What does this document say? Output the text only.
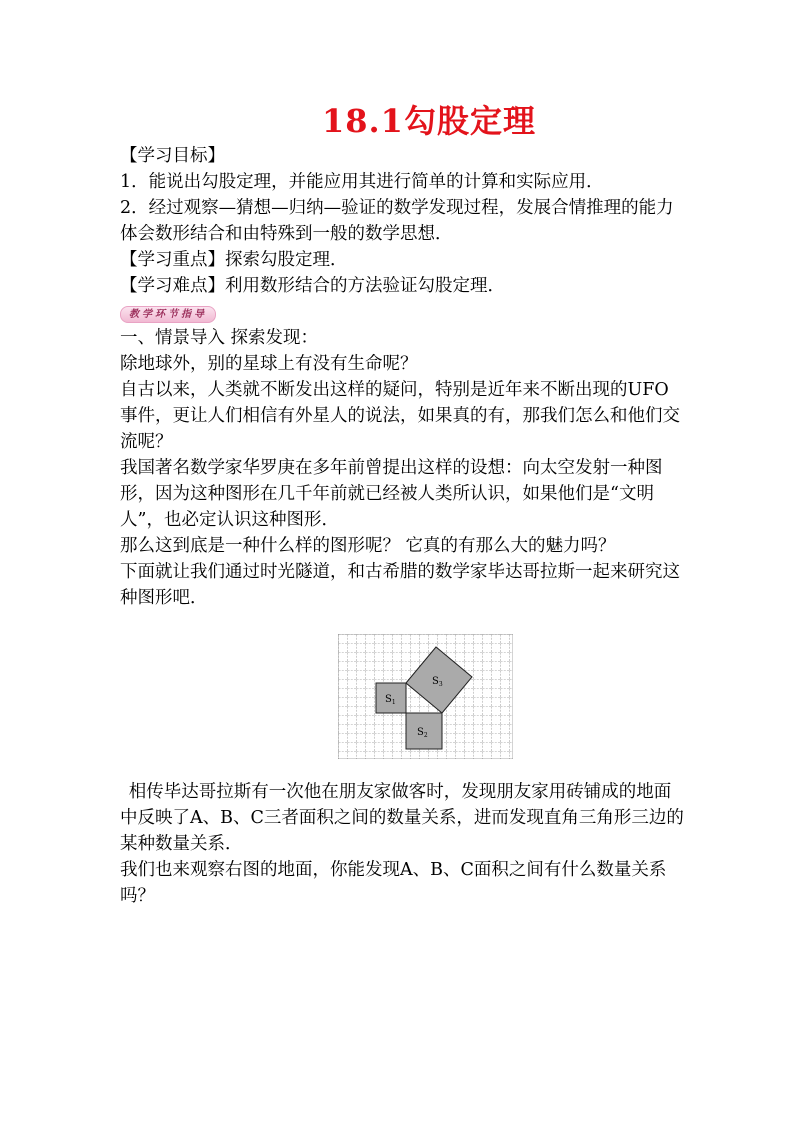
18.1勾股定理

【学习目标】

1．能说出勾股定理，并能应用其进行简单的计算和实际应用．

2．经过观察—猜想—归纳—验证的数学发现过程，发展合情推理的能力体会数形结合和由特殊到一般的数学思想．

【学习重点】探索勾股定理．

【学习难点】利用数形结合的方法验证勾股定理．

教学环节指导

一、情景导入 探索发现：

除地球外，别的星球上有没有生命呢？

自古以来，人类就不断发出这样的疑问，特别是近年来不断出现的UFO事件，更让人们相信有外星人的说法，如果真的有，那我们怎么和他们交流呢？

我国著名数学家华罗庚在多年前曾提出这样的设想：向太空发射一种图形，因为这种图形在几千年前就已经被人类所认识，如果他们是“文明人”，也必定认识这种图形．

那么这到底是一种什么样的图形呢？ 它真的有那么大的魅力吗？

下面就让我们通过时光隧道，和古希腊的数学家毕达哥拉斯一起来研究这种图形吧．

$S_1$
$S_2$
$S_3$

相传毕达哥拉斯有一次他在朋友家做客时，发现朋友家用砖铺成的地面中反映了A、B、C三者面积之间的数量关系，进而发现直角三角形三边的某种数量关系．

我们也来观察右图的地面，你能发现A、B、C面积之间有什么数量关系吗？
